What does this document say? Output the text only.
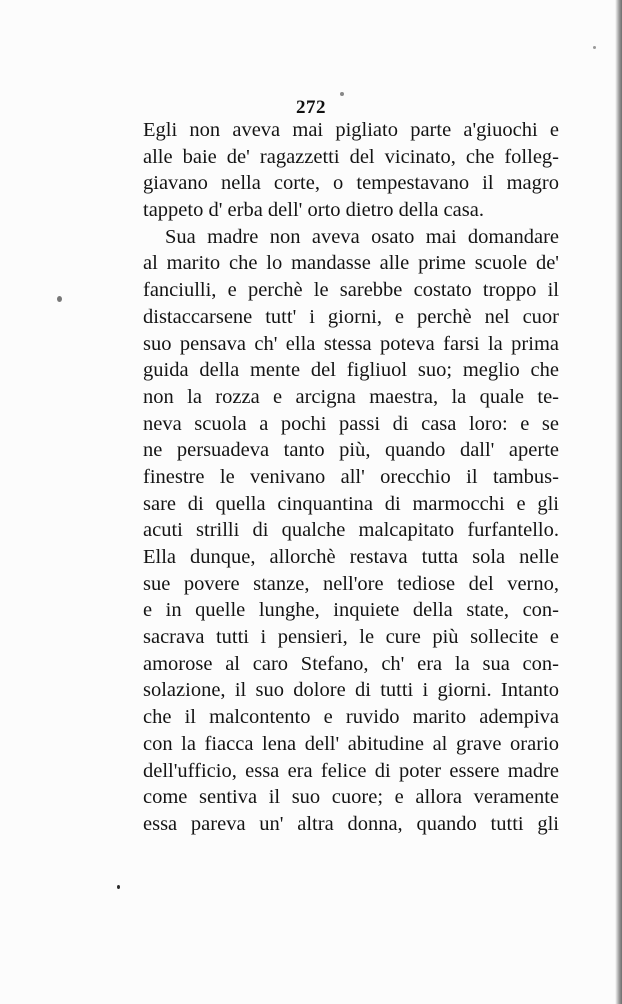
272
Egli non aveva mai pigliato parte a'giuochi e
alle baie de' ragazzetti del vicinato, che folleg-
giavano nella corte, o tempestavano il magro
tappeto d' erba dell' orto dietro della casa.
Sua madre non aveva osato mai domandare
al marito che lo mandasse alle prime scuole de'
fanciulli, e perchè le sarebbe costato troppo il
distaccarsene tutt' i giorni, e perchè nel cuor
suo pensava ch' ella stessa poteva farsi la prima
guida della mente del figliuol suo; meglio che
non la rozza e arcigna maestra, la quale te-
neva scuola a pochi passi di casa loro: e se
ne persuadeva tanto più, quando dall' aperte
finestre le venivano all' orecchio il tambus-
sare di quella cinquantina di marmocchi e gli
acuti strilli di qualche malcapitato furfantello.
Ella dunque, allorchè restava tutta sola nelle
sue povere stanze, nell'ore tediose del verno,
e in quelle lunghe, inquiete della state, con-
sacrava tutti i pensieri, le cure più sollecite e
amorose al caro Stefano, ch' era la sua con-
solazione, il suo dolore di tutti i giorni. Intanto
che il malcontento e ruvido marito adempiva
con la fiacca lena dell' abitudine al grave orario
dell'ufficio, essa era felice di poter essere madre
come sentiva il suo cuore; e allora veramente
essa pareva un' altra donna, quando tutti gli
